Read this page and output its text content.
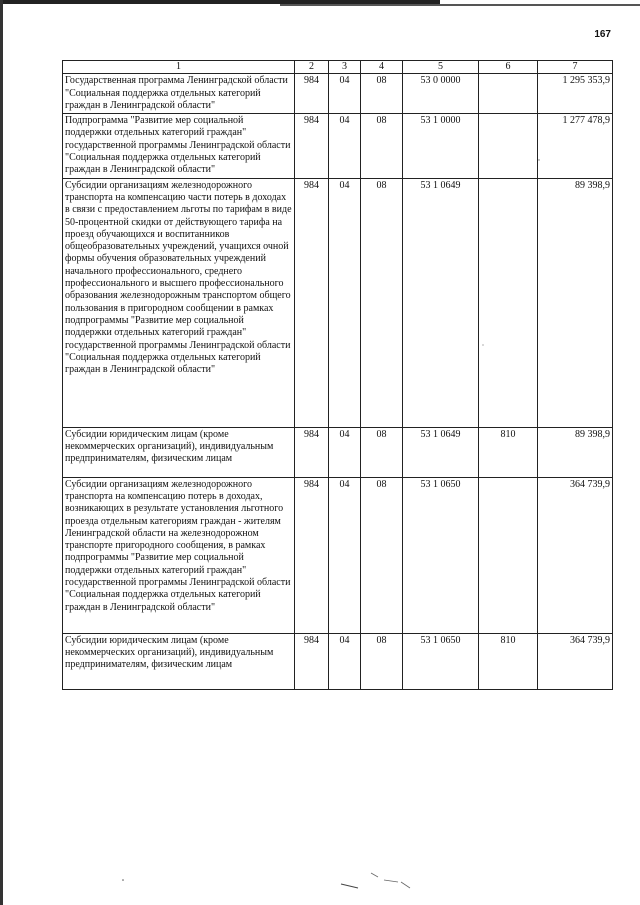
167
1	2	3	4	5	6	7
Государственная программа Ленинградской области "Социальная поддержка отдельных категорий граждан в Ленинградской области"	984	04	08	53 0 0000		1 295 353,9
Подпрограмма "Развитие мер социальной поддержки отдельных категорий граждан" государственной программы Ленинградской области "Социальная поддержка отдельных категорий граждан в Ленинградской области"	984	04	08	53 1 0000		1 277 478,9
Субсидии организациям железнодорожного транспорта на компенсацию части потерь в доходах в связи с предоставлением льготы по тарифам в виде 50-процентной скидки от действующего тарифа на проезд обучающихся и воспитанников общеобразовательных учреждений, учащихся очной формы обучения образовательных учреждений начального профессионального, среднего профессионального и высшего профессионального образования железнодорожным транспортом общего пользования в пригородном сообщении в рамках подпрограммы "Развитие мер социальной поддержки отдельных категорий граждан" государственной программы Ленинградской области "Социальная поддержка отдельных категорий граждан в Ленинградской области"	984	04	08	53 1 0649		89 398,9
Субсидии юридическим лицам (кроме некоммерческих организаций), индивидуальным предпринимателям, физическим лицам	984	04	08	53 1 0649	810	89 398,9
Субсидии организациям железнодорожного транспорта на компенсацию потерь в доходах, возникающих в результате установления льготного проезда отдельным категориям граждан - жителям Ленинградской области на железнодорожном транспорте пригородного сообщения, в рамках подпрограммы "Развитие мер социальной поддержки отдельных категорий граждан" государственной программы Ленинградской области "Социальная поддержка отдельных категорий граждан в Ленинградской области"	984	04	08	53 1 0650		364 739,9
Субсидии юридическим лицам (кроме некоммерческих организаций), индивидуальным предпринимателям, физическим лицам	984	04	08	53 1 0650	810	364 739,9
